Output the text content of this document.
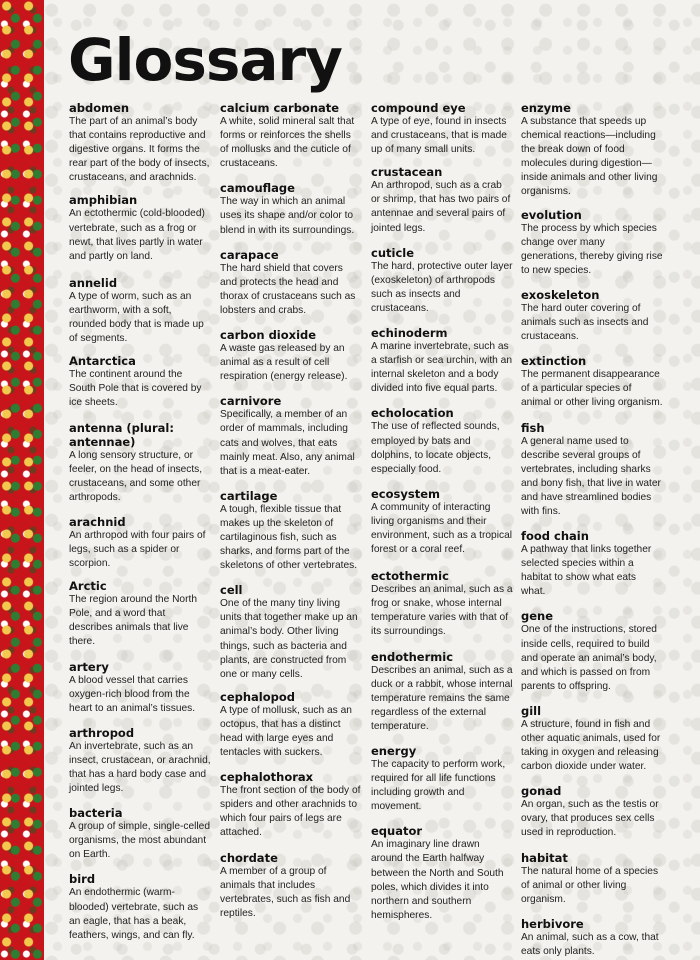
Glossary
abdomen
The part of an animal’s body that contains reproductive and digestive organs. It forms the rear part of the body of insects, crustaceans, and arachnids.
amphibian
An ectothermic (cold-blooded) vertebrate, such as a frog or newt, that lives partly in water and partly on land.
annelid
A type of worm, such as an earthworm, with a soft, rounded body that is made up of segments.
Antarctica
The continent around the South Pole that is covered by ice sheets.
antenna (plural: antennae)
A long sensory structure, or feeler, on the head of insects, crustaceans, and some other arthropods.
arachnid
An arthropod with four pairs of legs, such as a spider or scorpion.
Arctic
The region around the North Pole, and a word that describes animals that live there.
artery
A blood vessel that carries oxygen-rich blood from the heart to an animal’s tissues.
arthropod
An invertebrate, such as an insect, crustacean, or arachnid, that has a hard body case and jointed legs.
bacteria
A group of simple, single-celled organisms, the most abundant on Earth.
bird
An endothermic (warm-blooded) vertebrate, such as an eagle, that has a beak, feathers, wings, and can fly.
calcium carbonate
A white, solid mineral salt that forms or reinforces the shells of mollusks and the cuticle of crustaceans.
camouflage
The way in which an animal uses its shape and/or color to blend in with its surroundings.
carapace
The hard shield that covers and protects the head and thorax of crustaceans such as lobsters and crabs.
carbon dioxide
A waste gas released by an animal as a result of cell respiration (energy release).
carnivore
Specifically, a member of an order of mammals, including cats and wolves, that eats mainly meat. Also, any animal that is a meat-eater.
cartilage
A tough, flexible tissue that makes up the skeleton of cartilaginous fish, such as sharks, and forms part of the skeletons of other vertebrates.
cell
One of the many tiny living units that together make up an animal’s body. Other living things, such as bacteria and plants, are constructed from one or many cells.
cephalopod
A type of mollusk, such as an octopus, that has a distinct head with large eyes and tentacles with suckers.
cephalothorax
The front section of the body of spiders and other arachnids to which four pairs of legs are attached.
chordate
A member of a group of animals that includes vertebrates, such as fish and reptiles.
compound eye
A type of eye, found in insects and crustaceans, that is made up of many small units.
crustacean
An arthropod, such as a crab or shrimp, that has two pairs of antennae and several pairs of jointed legs.
cuticle
The hard, protective outer layer (exoskeleton) of arthropods such as insects and crustaceans.
echinoderm
A marine invertebrate, such as a starfish or sea urchin, with an internal skeleton and a body divided into five equal parts.
echolocation
The use of reflected sounds, employed by bats and dolphins, to locate objects, especially food.
ecosystem
A community of interacting living organisms and their environment, such as a tropical forest or a coral reef.
ectothermic
Describes an animal, such as a frog or snake, whose internal temperature varies with that of its surroundings.
endothermic
Describes an animal, such as a duck or a rabbit, whose internal temperature remains the same regardless of the external temperature.
energy
The capacity to perform work, required for all life functions including growth and movement.
equator
An imaginary line drawn around the Earth halfway between the North and South poles, which divides it into northern and southern hemispheres.
enzyme
A substance that speeds up chemical reactions—including the break down of food molecules during digestion—inside animals and other living organisms.
evolution
The process by which species change over many generations, thereby giving rise to new species.
exoskeleton
The hard outer covering of animals such as insects and crustaceans.
extinction
The permanent disappearance of a particular species of animal or other living organism.
fish
A general name used to describe several groups of vertebrates, including sharks and bony fish, that live in water and have streamlined bodies with fins.
food chain
A pathway that links together selected species within a habitat to show what eats what.
gene
One of the instructions, stored inside cells, required to build and operate an animal’s body, and which is passed on from parents to offspring.
gill
A structure, found in fish and other aquatic animals, used for taking in oxygen and releasing carbon dioxide under water.
gonad
An organ, such as the testis or ovary, that produces sex cells used in reproduction.
habitat
The natural home of a species of animal or other living organism.
herbivore
An animal, such as a cow, that eats only plants.
